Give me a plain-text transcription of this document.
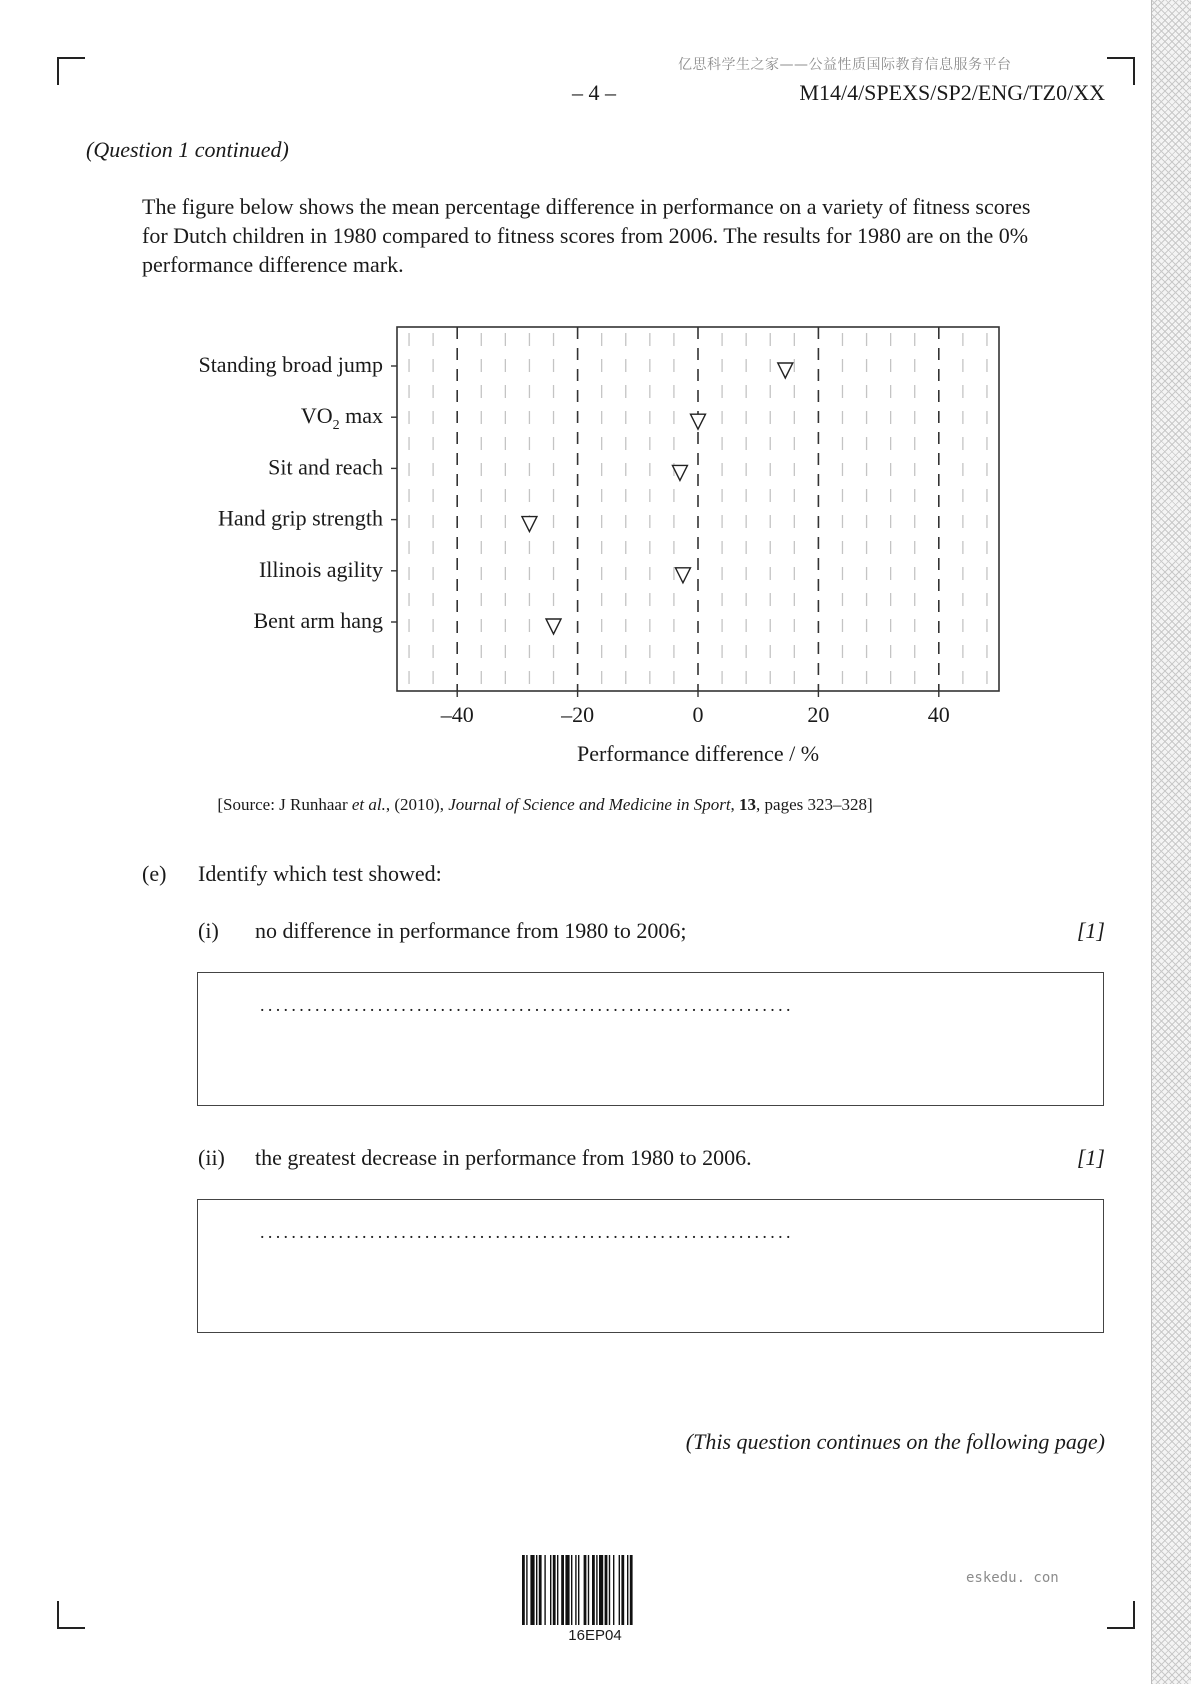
亿思科学生之家——公益性质国际教育信息服务平台
– 4 –	M14/4/SPEXS/SP2/ENG/TZ0/XX
(Question 1 continued)

The figure below shows the mean percentage difference in performance on a variety of fitness scores for Dutch children in 1980 compared to fitness scores from 2006. The results for 1980 are on the 0% performance difference mark.

Standing broad jump
$VO_2$ max
Sit and reach
Hand grip strength
Illinois agility
Bent arm hang
–40	–20	0	20	40
Performance difference / %
[Source: J Runhaar et al., (2010), Journal of Science and Medicine in Sport, 13, pages 323–328]
(e) Identify which test showed:
(i) no difference in performance from 1980 to 2006;	[1]
....................................................................
(ii) the greatest decrease in performance from 1980 to 2006.	[1]
....................................................................
(This question continues on the following page)
16EP04
eskedu. con
